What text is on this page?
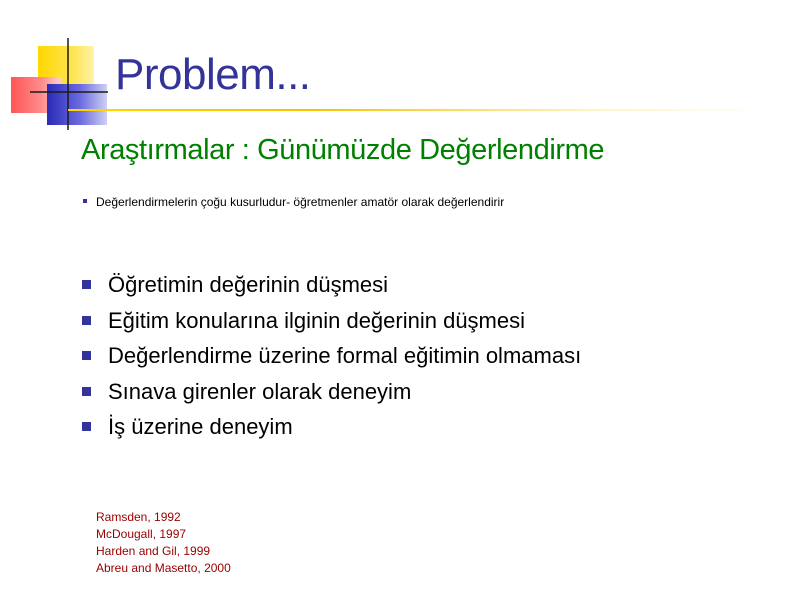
Problem...
Araştırmalar : Günümüzde Değerlendirme
Değerlendirmelerin çoğu kusurludur- öğretmenler amatör olarak değerlendirir
Öğretimin değerinin düşmesi
Eğitim konularına ilginin değerinin düşmesi
Değerlendirme üzerine formal eğitimin olmaması
Sınava girenler olarak deneyim
İş üzerine deneyim
Ramsden, 1992
McDougall, 1997
Harden and Gil, 1999
Abreu and Masetto, 2000
